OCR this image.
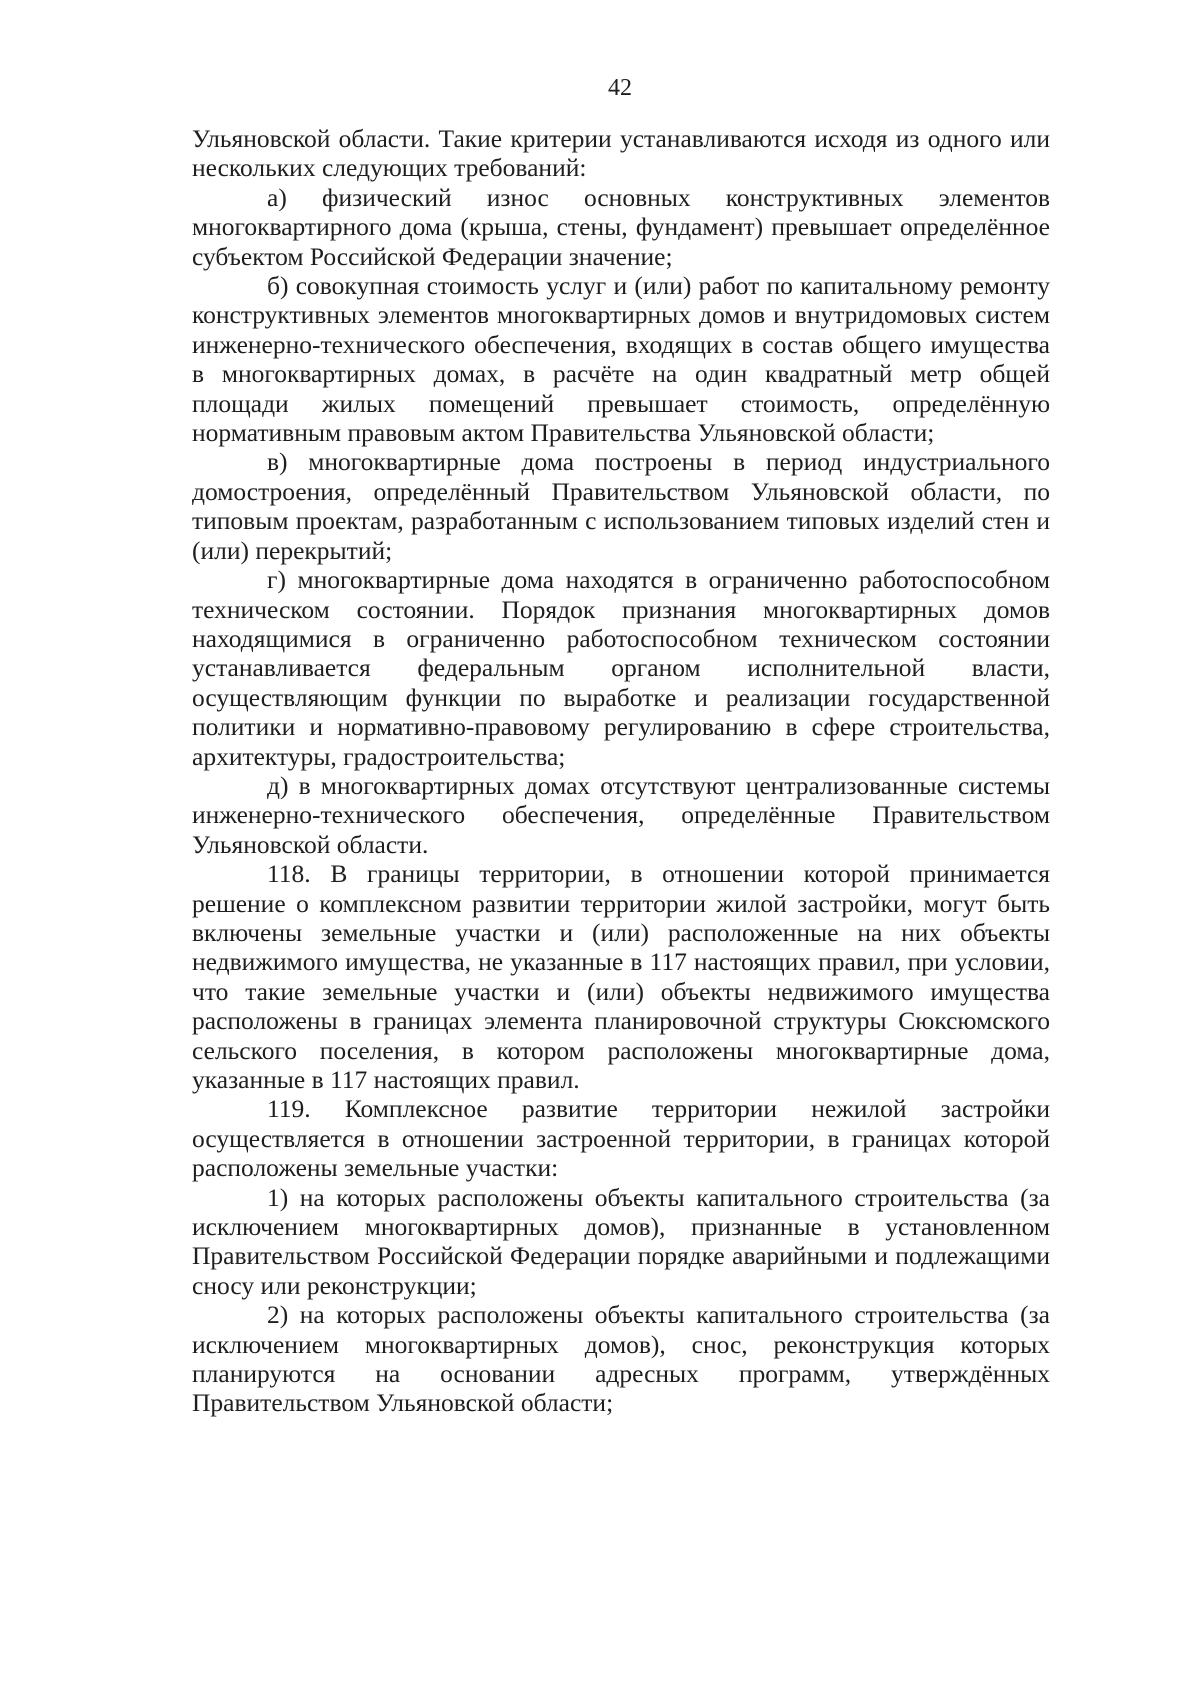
42

Ульяновской области. Такие критерии устанавливаются исходя из одного или нескольких следующих требований:

а) физический износ основных конструктивных элементов многоквартирного дома (крыша, стены, фундамент) превышает определённое субъектом Российской Федерации значение;

б) совокупная стоимость услуг и (или) работ по капитальному ремонту конструктивных элементов многоквартирных домов и внутридомовых систем инженерно-технического обеспечения, входящих в состав общего имущества в многоквартирных домах, в расчёте на один квадратный метр общей площади жилых помещений превышает стоимость, определённую нормативным правовым актом Правительства Ульяновской области;

в) многоквартирные дома построены в период индустриального домостроения, определённый Правительством Ульяновской области, по типовым проектам, разработанным с использованием типовых изделий стен и (или) перекрытий;

г) многоквартирные дома находятся в ограниченно работоспособном техническом состоянии. Порядок признания многоквартирных домов находящимися в ограниченно работоспособном техническом состоянии устанавливается федеральным органом исполнительной власти, осуществляющим функции по выработке и реализации государственной политики и нормативно-правовому регулированию в сфере строительства, архитектуры, градостроительства;

д) в многоквартирных домах отсутствуют централизованные системы инженерно-технического обеспечения, определённые Правительством Ульяновской области.

118. В границы территории, в отношении которой принимается решение о комплексном развитии территории жилой застройки, могут быть включены земельные участки и (или) расположенные на них объекты недвижимого имущества, не указанные в 117 настоящих правил, при условии, что такие земельные участки и (или) объекты недвижимого имущества расположены в границах элемента планировочной структуры Сюксюмского сельского поселения, в котором расположены многоквартирные дома, указанные в 117 настоящих правил.

119. Комплексное развитие территории нежилой застройки осуществляется в отношении застроенной территории, в границах которой расположены земельные участки:

1) на которых расположены объекты капитального строительства (за исключением многоквартирных домов), признанные в установленном Правительством Российской Федерации порядке аварийными и подлежащими сносу или реконструкции;

2) на которых расположены объекты капитального строительства (за исключением многоквартирных домов), снос, реконструкция которых планируются на основании адресных программ, утверждённых Правительством Ульяновской области;
